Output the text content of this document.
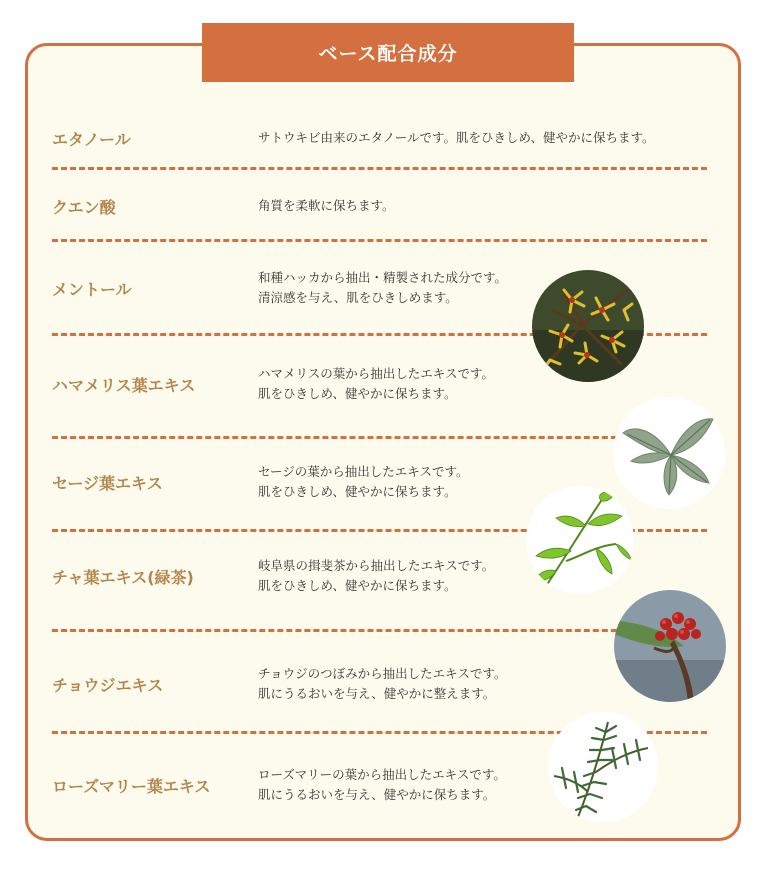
ベース配合成分
エタノール	サトウキビ由来のエタノールです。肌をひきしめ、健やかに保ちます。
クエン酸	角質を柔軟に保ちます。
メントール
和種ハッカから抽出・精製された成分です。
清涼感を与え、肌をひきしめます。
ハマメリス葉エキス
ハマメリスの葉から抽出したエキスです。
肌をひきしめ、健やかに保ちます。
セージ葉エキス
セージの葉から抽出したエキスです。
肌をひきしめ、健やかに保ちます。
チャ葉エキス(緑茶)
岐阜県の揖斐茶から抽出したエキスです。
肌をひきしめ、健やかに保ちます。
チョウジエキス
チョウジのつぼみから抽出したエキスです。
肌にうるおいを与え、健やかに整えます。
ローズマリー葉エキス
ローズマリーの葉から抽出したエキスです。
肌にうるおいを与え、健やかに保ちます。
